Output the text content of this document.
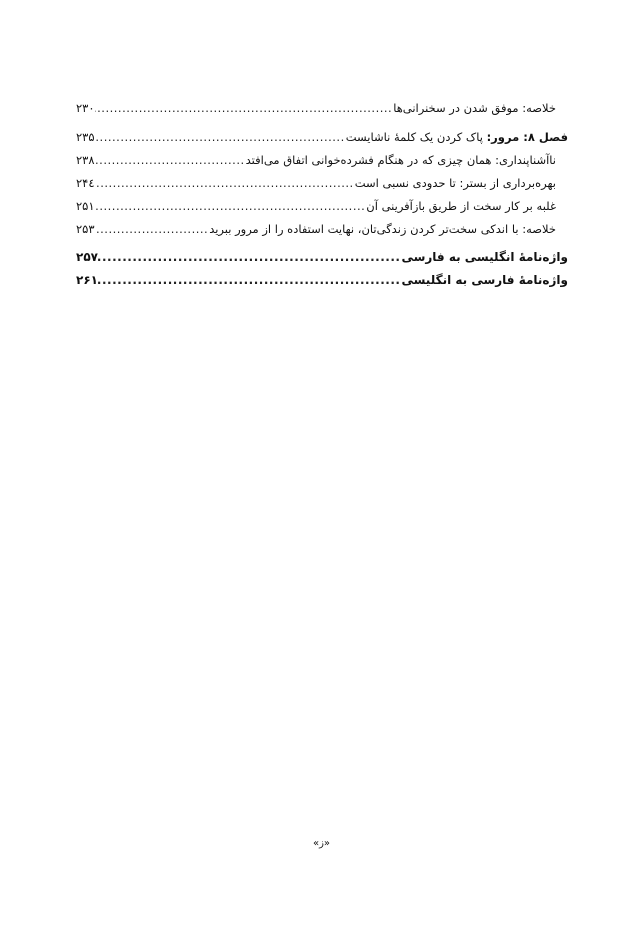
خلاصه: موفق شدن در سخنرانی‌ها
.....
۲۳۰
فصل ۸: مرور: پاک کردن یک کلمهٔ ناشایست
.....
۲۳۵
ناآشناپنداری: همان چیزی که در هنگام فشرده‌خوانی اتفاق می‌افتد
.....
۲۳۸
بهره‌برداری از بستر: تا حدودی نسبی است
.....
۲۴٤
غلبه بر کار سخت از طریق بازآفرینی آن
.....
۲۵۱
خلاصه: با اندکی سخت‌تر کردن زندگی‌تان، نهایت استفاده را از مرور ببرید
.....
۲۵۳
واژه‌نامهٔ انگلیسی به فارسی
.....
۲۵۷
واژه‌نامهٔ فارسی به انگلیسی
.....
۲۶۱
«ز»
